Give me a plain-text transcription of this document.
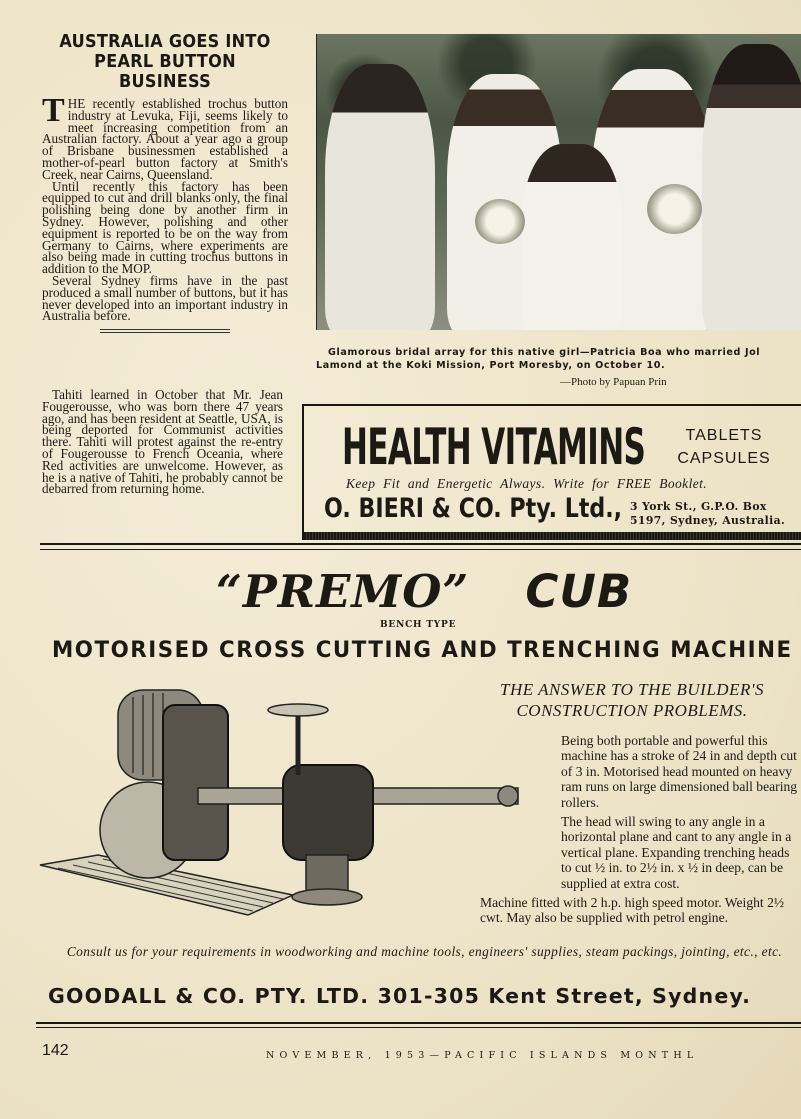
AUSTRALIA GOES INTO
PEARL BUTTON BUSINESS

THE recently established trochus button industry at Levuka, Fiji, seems likely to meet increasing competition from an Australian factory. About a year ago a group of Brisbane businessmen established a mother-of-pearl button factory at Smith's Creek, near Cairns, Queensland.

Until recently this factory has been equipped to cut and drill blanks only, the final polishing being done by another firm in Sydney. However, polishing and other equipment is reported to be on the way from Germany to Cairns, where experiments are also being made in cutting trochus buttons in addition to the MOP.

Several Sydney firms have in the past produced a small number of buttons, but it has never developed into an important industry in Australia before.

Tahiti learned in October that Mr. Jean Fougerousse, who was born there 47 years ago, and has been resident at Seattle, USA, is being deported for Communist activities there. Tahiti will protest against the re-entry of Fougerousse to French Oceania, where Red activities are unwelcome. However, as he is a native of Tahiti, he probably cannot be debarred from returning home.

Glamorous bridal array for this native girl—Patricia Boa who married Jol
Lamond at the Koki Mission, Port Moresby, on October 10.
—Photo by Papuan Prin
HEALTH VITAMINS	TABLETS
CAPSULES
Keep Fit and Energetic Always. Write for FREE Booklet.
O. BIERI & CO. Pty. Ltd., 3 York St., G.P.O. Box
5197, Sydney, Australia.
“PREMO” CUB
BENCH TYPE
MOTORISED CROSS CUTTING AND TRENCHING MACHINE
THE ANSWER TO THE BUILDER'S
CONSTRUCTION PROBLEMS.

Being both portable and powerful this machine has a stroke of 24 in and depth cut of 3 in. Motorised head mounted on heavy ram runs on large dimensioned ball bearing rollers.

The head will swing to any angle in a horizontal plane and cant to any angle in a vertical plane. Expanding trenching heads to cut ½ in. to 2½ in. x ½ in deep, can be supplied at extra cost.

Machine fitted with 2 h.p. high speed motor. Weight 2½ cwt. May also be supplied with petrol engine.

Consult us for your requirements in woodworking and machine tools, engineers' supplies, steam packings, jointing, etc., etc.
GOODALL & CO. PTY. LTD. 301-305 Kent Street, Sydney.
142	NOVEMBER, 1953—PACIFIC ISLANDS MONTHL
